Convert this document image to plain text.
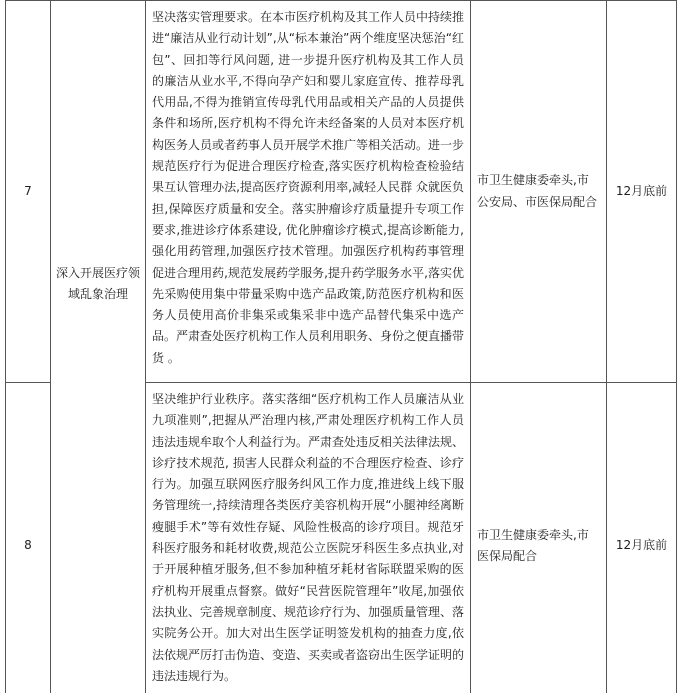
7	深入开展医疗领域乱象治理	坚决落实管理要求。在本市医疗机构及其工作人员中持续推进“廉洁从业行动计划”,从“标本兼治”两个维度坚决惩治“红包”、回扣等行风问题, 进一步提升医疗机构及其工作人员的廉洁从业水平,不得向孕产妇和婴儿家庭宣传、推荐母乳代用品,不得为推销宣传母乳代用品或相关产品的人员提供条件和场所,医疗机构不得允许未经备案的人员对本医疗机构医务人员或者药事人员开展学术推广等相关活动。进一步规范医疗行为促进合理医疗检查,落实医疗机构检查检验结果互认管理办法,提高医疗资源利用率,减轻人民群 众就医负担,保障医疗质量和安全。落实肿瘤诊疗质量提升专项工作要求,推进诊疗体系建设, 优化肿瘤诊疗模式,提高诊断能力,强化用药管理,加强医疗技术管理。加强医疗机构药事管理 促进合理用药,规范发展药学服务,提升药学服务水平,落实优先采购使用集中带量采购中选产品政策,防范医疗机构和医务人员使用高价非集采或集采非中选产品替代集采中选产品。严肃查处医疗机构工作人员利用职务、身份之便直播带货 。	市卫生健康委牵头,市公安局、市医保局配合	12月底前
8		坚决维护行业秩序。落实落细“医疗机构工作人员廉洁从业九项准则”,把握从严治理内核,严肃处理医疗机构工作人员违法违规牟取个人利益行为。严肃查处违反相关法律法规、诊疗技术规范, 损害人民群众利益的不合理医疗检查、诊疗行为。加强互联网医疗服务纠风工作力度,推进线上线下服务管理统一,持续清理各类医疗美容机构开展“小腿神经离断瘦腿手术”等有效性存疑、风险性极高的诊疗项目。规范牙科医疗服务和耗材收费,规范公立医院牙科医生多点执业,对于开展种植牙服务,但不参加种植牙耗材省际联盟采购的医疗机构开展重点督察。做好“民营医院管理年”收尾,加强依法执业、完善规章制度、规范诊疗行为、加强质量管理、落实院务公开。加大对出生医学证明签发机构的抽查力度,依法依规严厉打击伪造、变造、买卖或者盗窃出生医学证明的违法违规行为。	市卫生健康委牵头,市医保局配合	12月底前
